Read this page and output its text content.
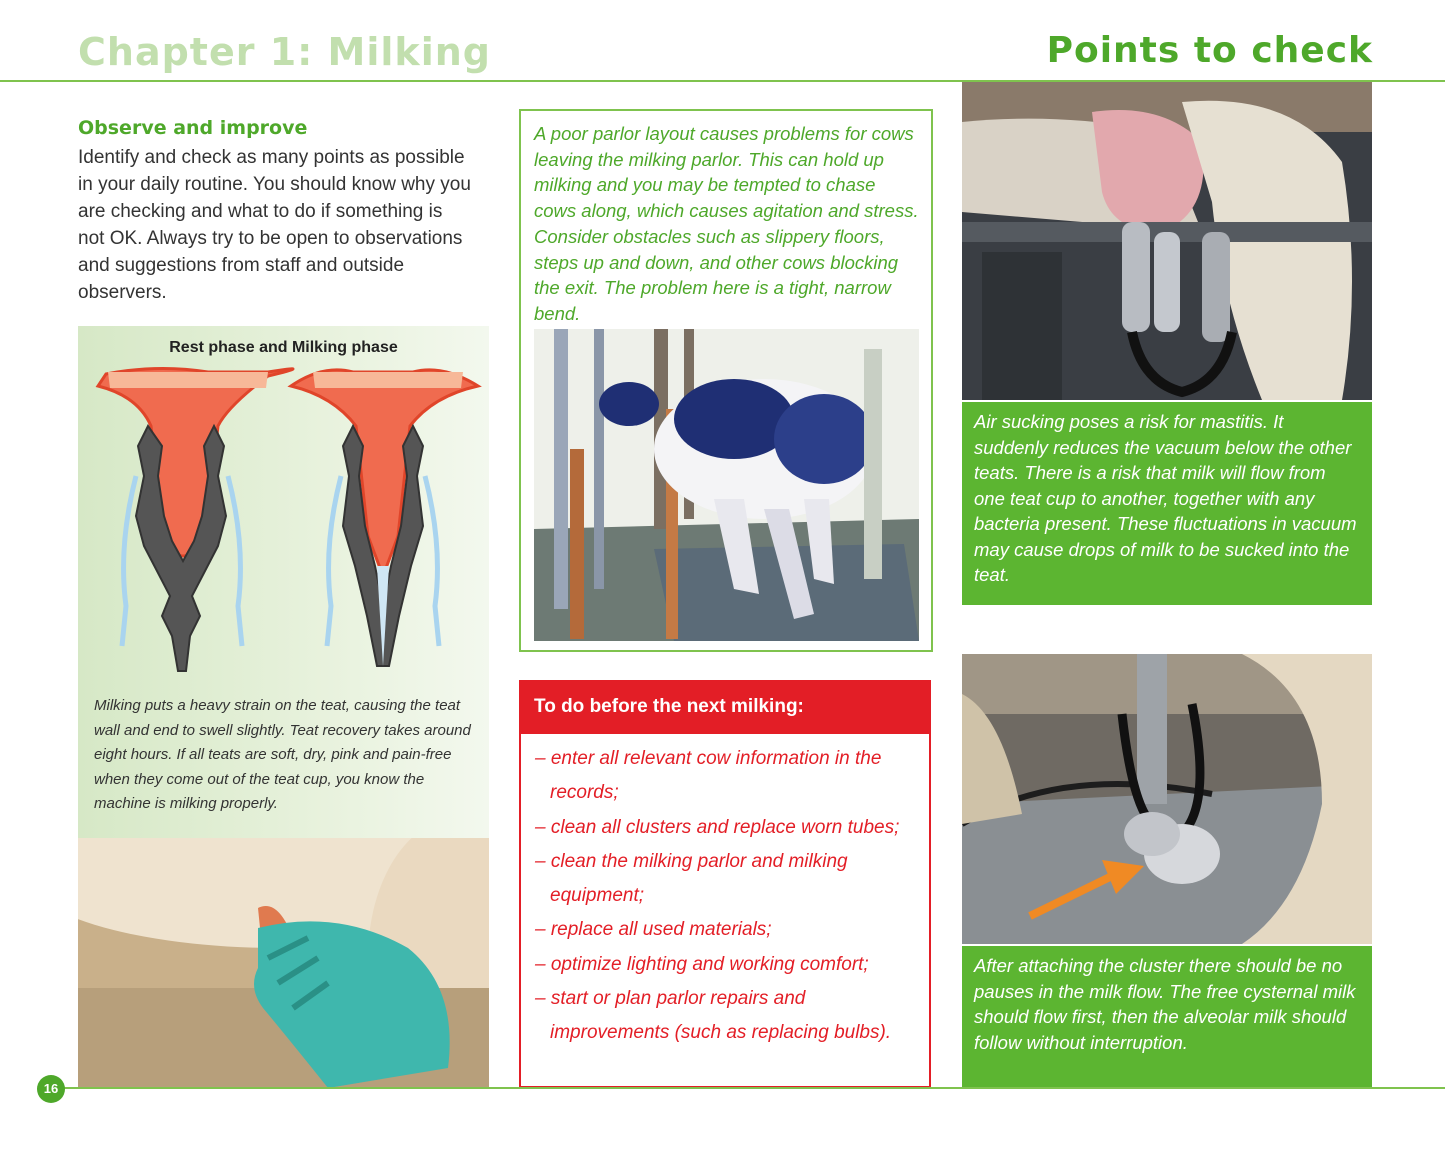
Chapter 1: Milking	Points to check
Observe and improve
Identify and check as many points as possible in your daily routine. You should know why you are checking and what to do if something is not OK. Always try to be open to observations and suggestions from staff and outside observers.
Rest phase and Milking phase
Milking puts a heavy strain on the teat, causing the teat wall and end to swell slightly. Teat recovery takes around eight hours. If all teats are soft, dry, pink and pain-free when they come out of the teat cup, you know the machine is milking properly.
A poor parlor layout causes problems for cows leaving the milking parlor. This can hold up milking and you may be tempted to chase cows along, which causes agitation and stress. Consider obstacles such as slippery floors, steps up and down, and other cows blocking the exit. The problem here is a tight, narrow bend.
To do before the next milking:
– enter all relevant cow information in the records;
– clean all clusters and replace worn tubes;
– clean the milking parlor and milking equipment;
– replace all used materials;
– optimize lighting and working comfort;
– start or plan parlor repairs and improvements (such as replacing bulbs).
Air sucking poses a risk for mastitis. It suddenly reduces the vacuum below the other teats. There is a risk that milk will flow from one teat cup to another, together with any bacteria present. These fluctuations in vacuum may cause drops of milk to be sucked into the teat.
After attaching the cluster there should be no pauses in the milk flow. The free cysternal milk should flow first, then the alveolar milk should follow without interruption.
16
